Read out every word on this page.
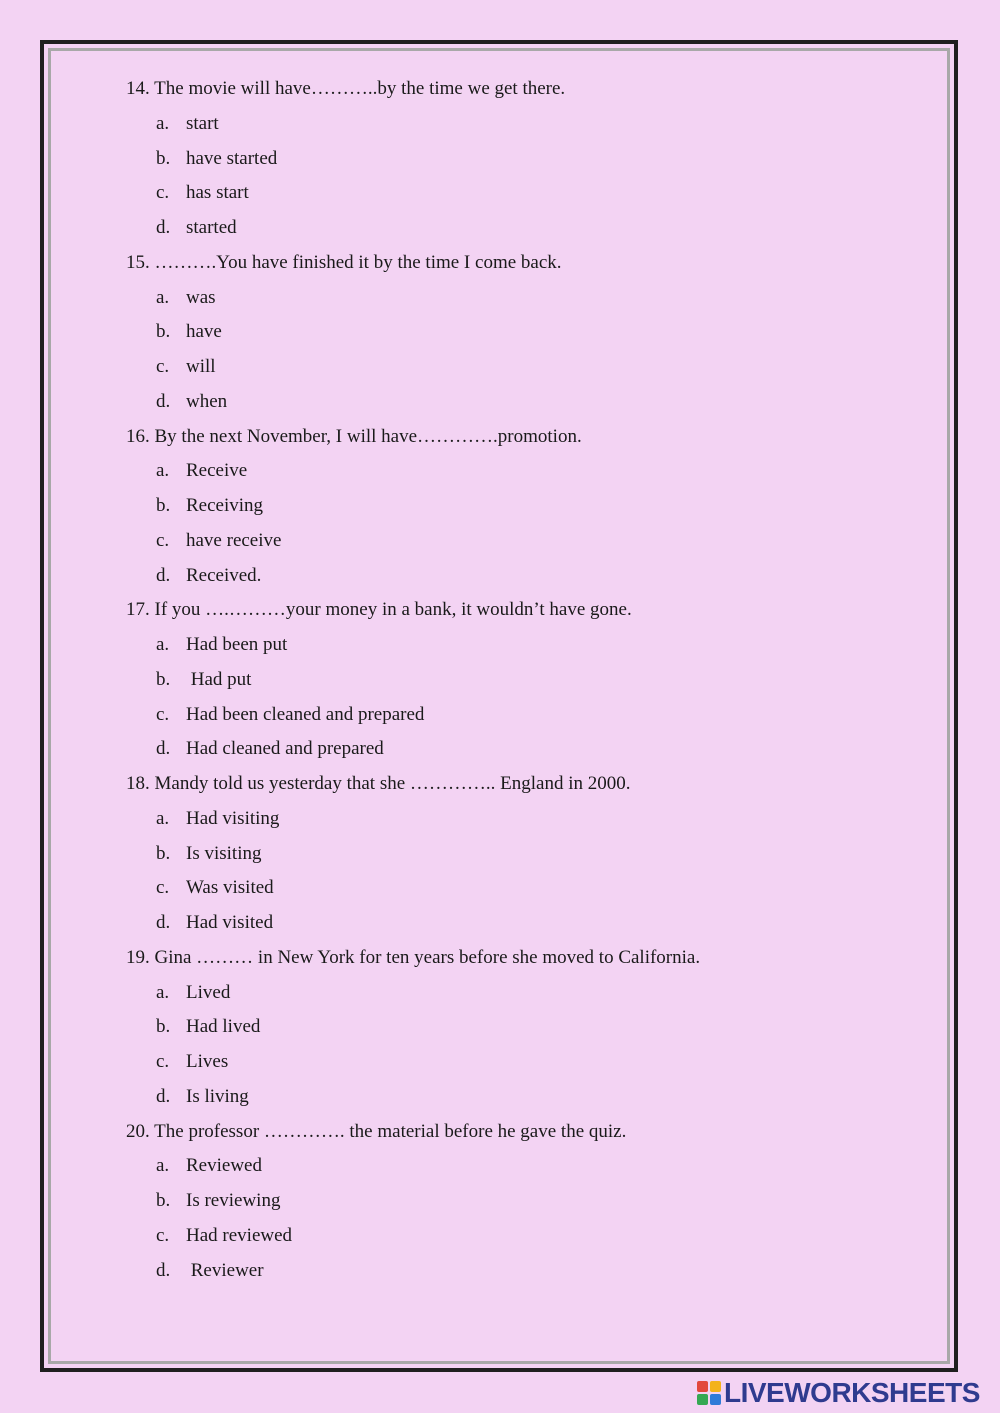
14. The movie will have………..by the time we get there.
a. start
b. have started
c. has start
d. started
15. ……….You have finished it by the time I come back.
a. was
b. have
c. will
d. when
16. By the next November, I will have………….promotion.
a. Receive
b. Receiving
c. have receive
d. Received.
17. If you ….………your money in a bank, it wouldn’t have gone.
a. Had been put
b. Had put
c. Had been cleaned and prepared
d. Had cleaned and prepared
18. Mandy told us yesterday that she ………….. England in 2000.
a. Had visiting
b. Is visiting
c. Was visited
d. Had visited
19. Gina ……… in New York for ten years before she moved to California.
a. Lived
b. Had lived
c. Lives
d. Is living
20. The professor …………. the material before he gave the quiz.
a. Reviewed
b. Is reviewing
c. Had reviewed
d. Reviewer
LIVEWORKSHEETS
